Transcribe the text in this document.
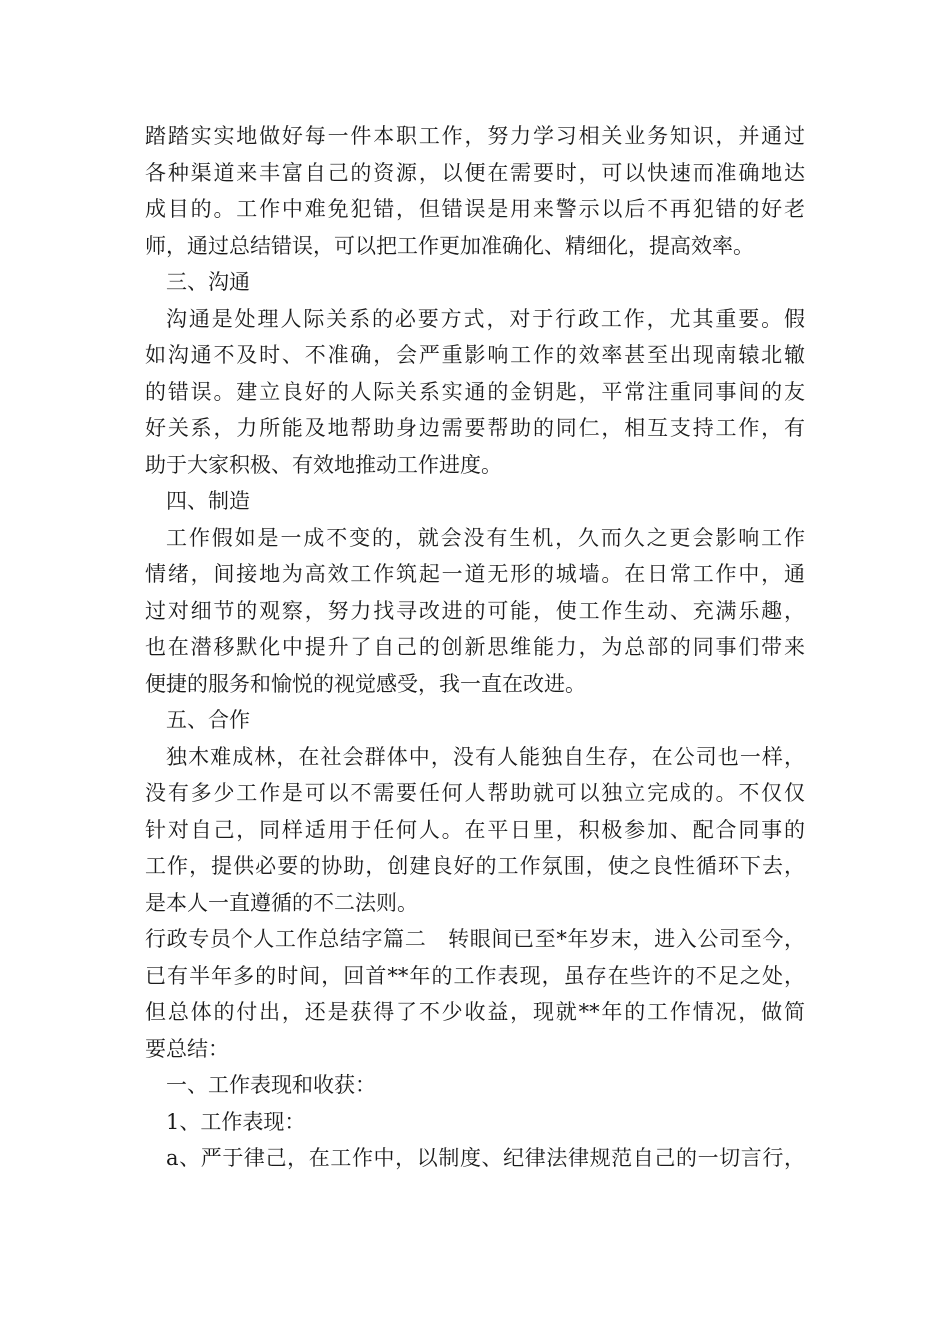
踏踏实实地做好每一件本职工作，努力学习相关业务知识，并通过
各种渠道来丰富自己的资源，以便在需要时，可以快速而准确地达
成目的。工作中难免犯错，但错误是用来警示以后不再犯错的好老
师，通过总结错误，可以把工作更加准确化、精细化，提高效率。
三、沟通
沟通是处理人际关系的必要方式，对于行政工作，尤其重要。假
如沟通不及时、不准确，会严重影响工作的效率甚至出现南辕北辙
的错误。建立良好的人际关系实通的金钥匙，平常注重同事间的友
好关系，力所能及地帮助身边需要帮助的同仁，相互支持工作，有
助于大家积极、有效地推动工作进度。
四、制造
工作假如是一成不变的，就会没有生机，久而久之更会影响工作
情绪，间接地为高效工作筑起一道无形的城墙。在日常工作中，通
过对细节的观察，努力找寻改进的可能，使工作生动、充满乐趣，
也在潜移默化中提升了自己的创新思维能力，为总部的同事们带来
便捷的服务和愉悦的视觉感受，我一直在改进。
五、合作
独木难成林，在社会群体中，没有人能独自生存，在公司也一样，
没有多少工作是可以不需要任何人帮助就可以独立完成的。不仅仅
针对自己，同样适用于任何人。在平日里，积极参加、配合同事的
工作，提供必要的协助，创建良好的工作氛围，使之良性循环下去，
是本人一直遵循的不二法则。
行政专员个人工作总结字篇二　转眼间已至*年岁末，进入公司至今，
已有半年多的时间，回首**年的工作表现，虽存在些许的不足之处，
但总体的付出，还是获得了不少收益，现就**年的工作情况，做简
要总结：
一、工作表现和收获：
1、工作表现：
a、严于律己，在工作中，以制度、纪律法律规范自己的一切言行，
